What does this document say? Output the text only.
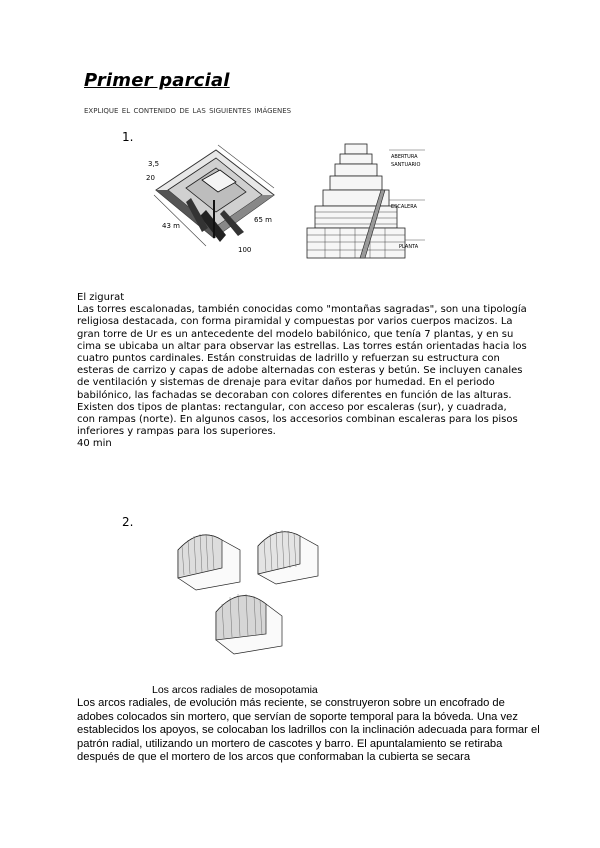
Primer parcial
explique el contenido de las siguientes imágenes
1.
20
3,5
43 m
100
65 m
ABERTURA
SANTUARIO
ESCALERA
PLANTA

El zigurat

Las torres escalonadas, también conocidas como "montañas sagradas", son una tipología religiosa destacada, con forma piramidal y compuestas por varios cuerpos macizos. La gran torre de Ur es un antecedente del modelo babilónico, que tenía 7 plantas, y en su cima se ubicaba un altar para observar las estrellas. Las torres están orientadas hacia los cuatro puntos cardinales. Están construidas de ladrillo y refuerzan su estructura con esteras de carrizo y capas de adobe alternadas con esteras y betún. Se incluyen canales de ventilación y sistemas de drenaje para evitar daños por humedad. En el periodo babilónico, las fachadas se decoraban con colores diferentes en función de las alturas. Existen dos tipos de plantas: rectangular, con acceso por escaleras (sur), y cuadrada, con rampas (norte). En algunos casos, los accesorios combinan escaleras para los pisos inferiores y rampas para los superiores.

40 min

2.
Los arcos radiales de mosopotamia

Los arcos radiales, de evolución más reciente, se construyeron sobre un encofrado de adobes colocados sin mortero, que servían de soporte temporal para la bóveda. Una vez establecidos los apoyos, se colocaban los ladrillos con la inclinación adecuada para formar el patrón radial, utilizando un mortero de cascotes y barro. El apuntalamiento se retiraba después de que el mortero de los arcos que conformaban la cubierta se secara
